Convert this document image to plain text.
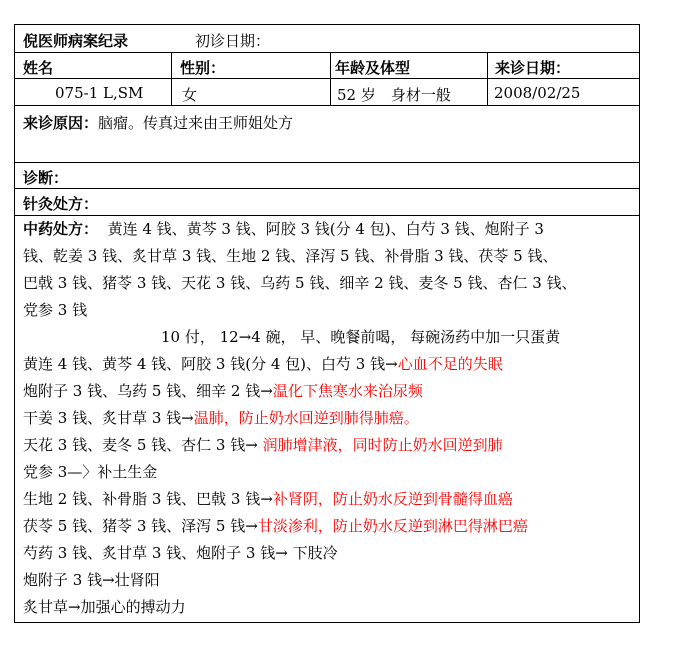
倪医师病案纪录	初诊日期：
姓名	性别：	年龄及体型	来诊日期：
075-1 L,SM	女	52 岁　身材一般	2008/02/25
来诊原因：脑瘤。传真过来由王师姐处方
诊断：
针灸处方：
中药处方： 黄连 4 钱、黄芩 3 钱、阿胶 3 钱(分 4 包)、白芍 3 钱、炮附子 3
钱、乾姜 3 钱、炙甘草 3 钱、生地 2 钱、泽泻 5 钱、补骨脂 3 钱、茯苓 5 钱、
巴戟 3 钱、猪苓 3 钱、天花 3 钱、乌药 5 钱、细辛 2 钱、麦冬 5 钱、杏仁 3 钱、
党参 3 钱
10 付， 12→4 碗， 早、晚餐前喝， 每碗汤药中加一只蛋黄
黄连 4 钱、黄芩 4 钱、阿胶 3 钱(分 4 包)、白芍 3 钱→心血不足的失眠
炮附子 3 钱、乌药 5 钱、细辛 2 钱→温化下焦寒水来治尿频
干姜 3 钱、炙甘草 3 钱→温肺，防止奶水回逆到肺得肺癌。
天花 3 钱、麦冬 5 钱、杏仁 3 钱→ 润肺增津液，同时防止奶水回逆到肺
党参 3—〉补土生金
生地 2 钱、补骨脂 3 钱、巴戟 3 钱→补肾阴，防止奶水反逆到骨髓得血癌
茯苓 5 钱、猪苓 3 钱、泽泻 5 钱→甘淡渗利，防止奶水反逆到淋巴得淋巴癌
芍药 3 钱、炙甘草 3 钱、炮附子 3 钱→ 下肢冷
炮附子 3 钱→壮肾阳
炙甘草→加强心的搏动力
